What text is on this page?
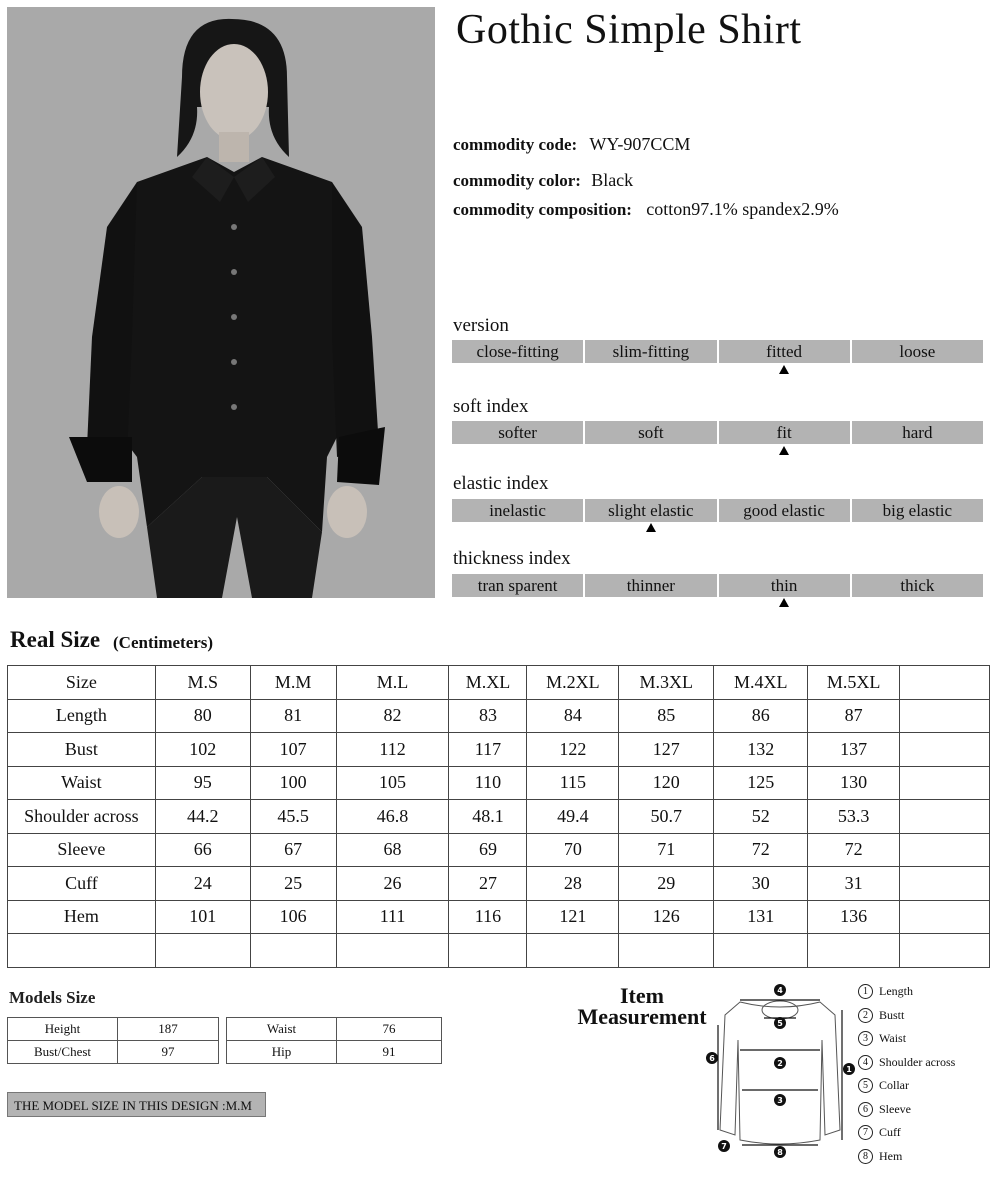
Gothic Simple Shirt
commodity code: WY-907CCM
commodity color: Black
commodity composition: cotton97.1% spandex2.9%
version
close-fitting	slim-fitting	fitted	loose
soft index
softer	soft	fit	hard
elastic index
inelastic	slight elastic	good elastic	big elastic
thickness index
tran sparent	thinner	thin	thick
Real Size (Centimeters)
Size	M.S	M.M	M.L	M.XL	M.2XL	M.3XL	M.4XL	M.5XL	
Length	80	81	82	83	84	85	86	87	
Bust	102	107	112	117	122	127	132	137	
Waist	95	100	105	110	115	120	125	130	
Shoulder across	44.2	45.5	46.8	48.1	49.4	50.7	52	53.3	
Sleeve	66	67	68	69	70	71	72	72	
Cuff	24	25	26	27	28	29	30	31	
Hem	101	106	111	116	121	126	131	136	

Models Size
Height	187
Bust/Chest	97
Waist	76
Hip	91
THE MODEL SIZE IN THIS DESIGN :M.M
Item
Measurement
4
5
2
3
8
1
6
7
1 Length
2 Bustt
3 Waist
4 Shoulder across
5 Collar
6 Sleeve
7 Cuff
8 Hem
